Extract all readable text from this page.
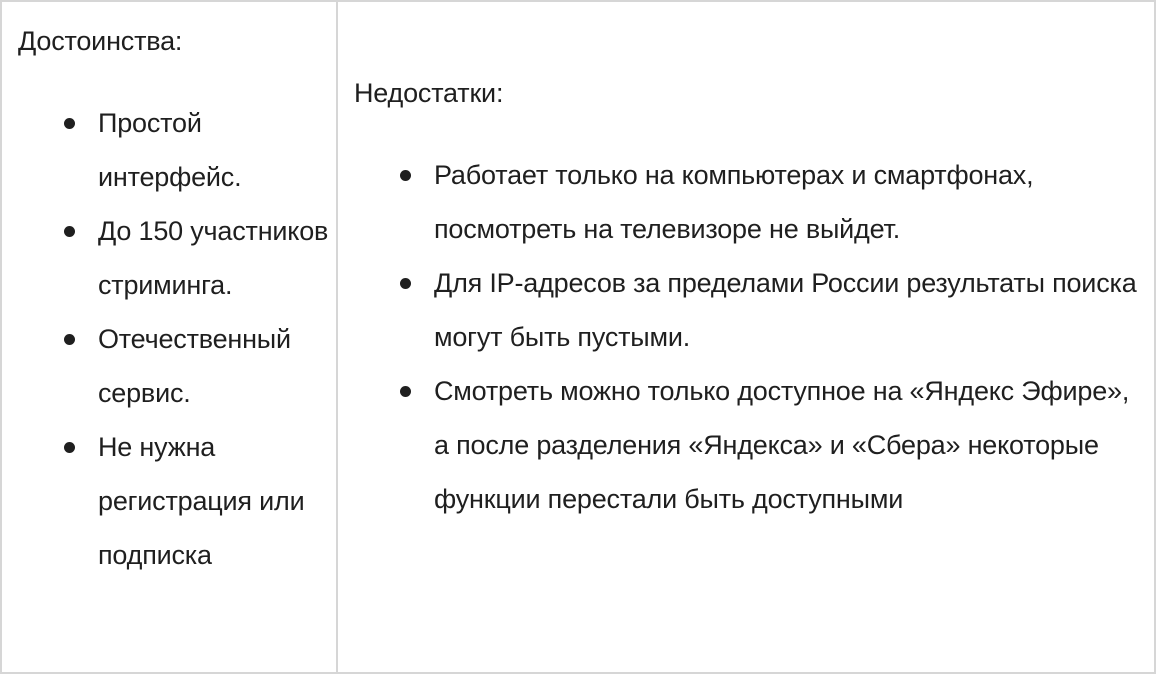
Достоинства:

Простой интерфейс.
До 150 участников стриминга.
Отечественный сервис.
Не нужна регистрация или подписка

Недостатки:

Работает только на компьютерах и смартфонах, посмотреть на телевизоре не выйдет.
Для IP-адресов за пределами России результаты поиска могут быть пустыми.
Смотреть можно только доступное на «Яндекс Эфире», а после разделения «Яндекса» и «Сбера» некоторые функции перестали быть доступными
